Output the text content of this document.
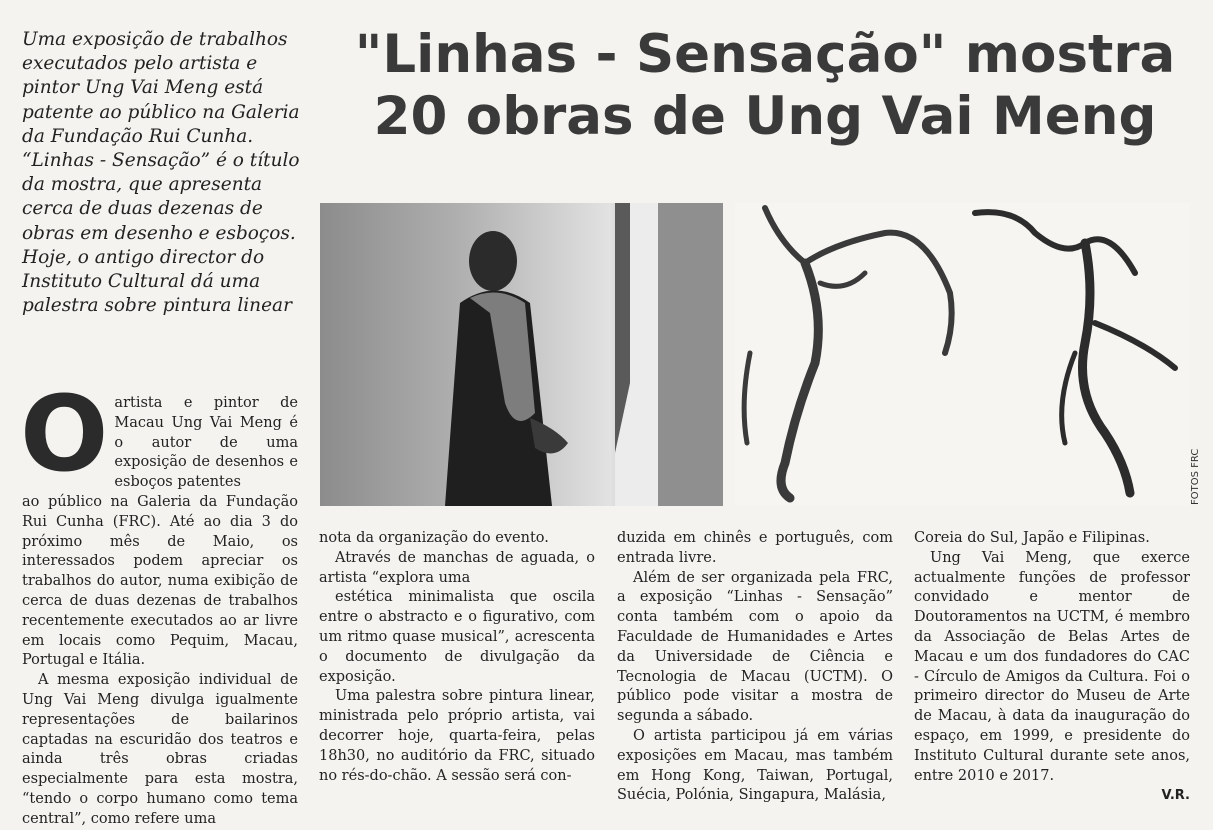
Uma exposição de trabalhos executados pelo artista e pintor Ung Vai Meng está patente ao público na Galeria da Fundação Rui Cunha. “Linhas - Sensação” é o título da mostra, que apresenta cerca de duas dezenas de obras em desenho e esboços. Hoje, o antigo director do Instituto Cultural dá uma palestra sobre pintura linear

"Linhas - Sensação" mostra
20 obras de Ung Vai Meng
FOTOS FRC
O artista e pintor de Macau Ung Vai Meng é o autor de uma exposição de desenhos e esboços patentes

ao público na Galeria da Fundação Rui Cunha (FRC). Até ao dia 3 do próximo mês de Maio, os interessados podem apreciar os trabalhos do autor, numa exibição de cerca de duas dezenas de trabalhos recentemente executados ao ar livre em locais como Pequim, Macau, Portugal e Itália.

A mesma exposição individual de Ung Vai Meng divulga igualmente representações de bailarinos captadas na escuridão dos teatros e ainda três obras criadas especialmente para esta mostra, “tendo o corpo humano como tema central”, como refere uma

nota da organização do evento.

Através de manchas de aguada, o artista “explora uma

estética minimalista que oscila entre o abstracto e o figurativo, com um ritmo quase musical”, acrescenta o documento de divulgação da exposição.

Uma palestra sobre pintura linear, ministrada pelo próprio artista, vai decorrer hoje, quarta-feira, pelas 18h30, no auditório da FRC, situado no rés-do-chão. A sessão será con-

duzida em chinês e português, com entrada livre.

Além de ser organizada pela FRC, a exposição “Linhas - Sensação” conta também com o apoio da Faculdade de Humanidades e Artes da Universidade de Ciência e Tecnologia de Macau (UCTM). O público pode visitar a mostra de segunda a sábado.

O artista participou já em várias exposições em Macau, mas também em Hong Kong, Taiwan, Portugal, Suécia, Polónia, Singapura, Malásia,

Coreia do Sul, Japão e Filipinas.

Ung Vai Meng, que exerce actualmente funções de professor convidado e mentor de Doutoramentos na UCTM, é membro da Associação de Belas Artes de Macau e um dos fundadores do CAC - Círculo de Amigos da Cultura. Foi o primeiro director do Museu de Arte de Macau, à data da inauguração do espaço, em 1999, e presidente do Instituto Cultural durante sete anos, entre 2010 e 2017.

V.R.
